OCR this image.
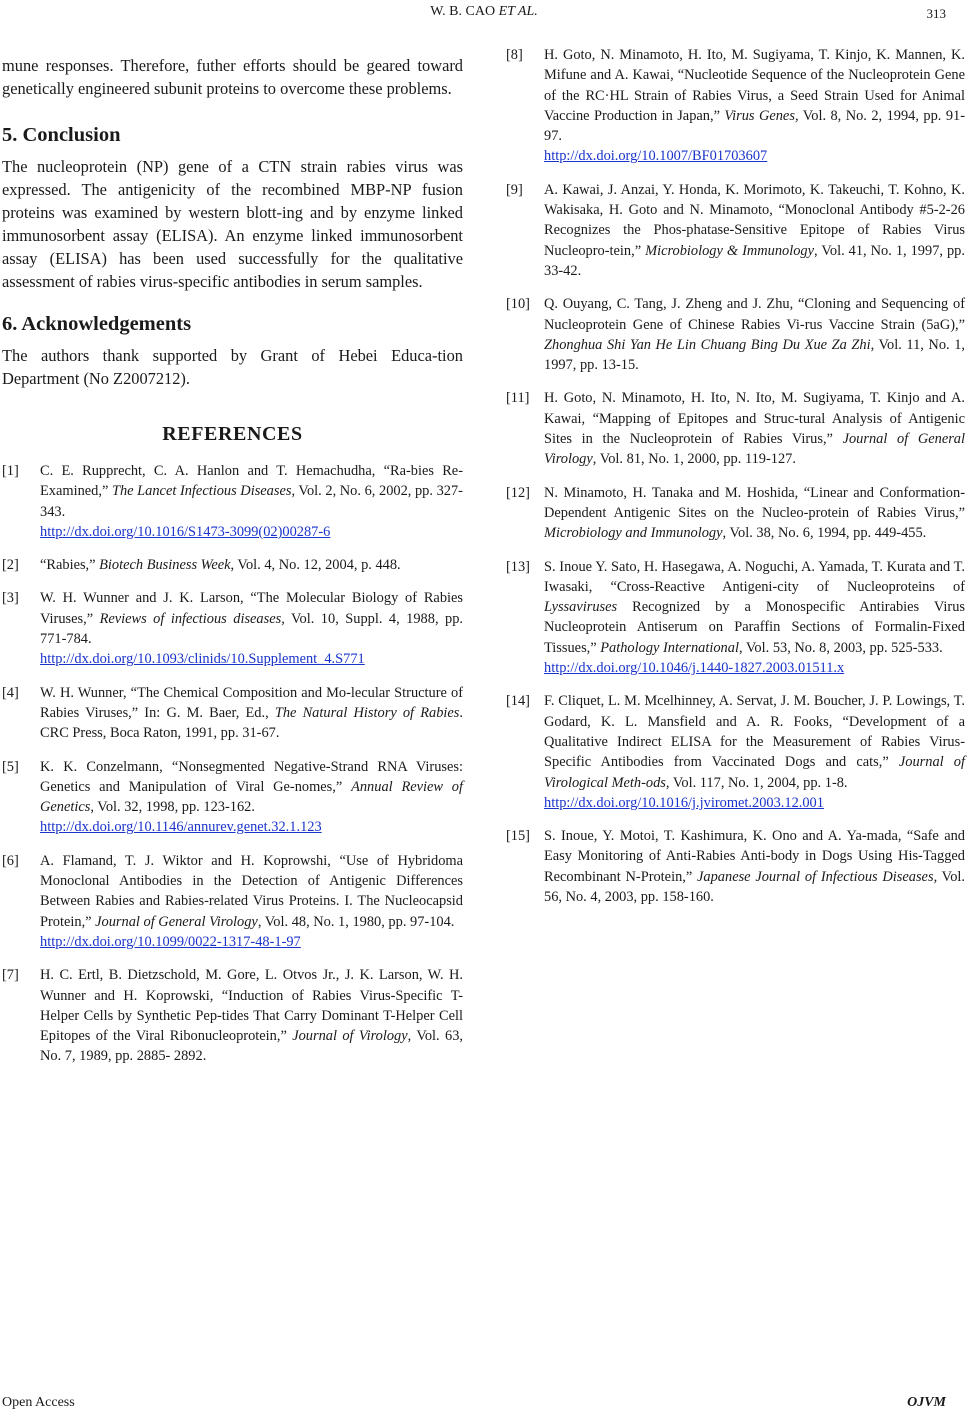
W. B. CAO ET AL.	313

mune responses. Therefore, futher efforts should be geared toward genetically engineered subunit proteins to overcome these problems.

5. Conclusion

The nucleoprotein (NP) gene of a CTN strain rabies virus was expressed. The antigenicity of the recombined MBP-NP fusion proteins was examined by western blott-ing and by enzyme linked immunosorbent assay (ELISA). An enzyme linked immunosorbent assay (ELISA) has been used successfully for the qualitative assessment of rabies virus-specific antibodies in serum samples.

6. Acknowledgements

The authors thank supported by Grant of Hebei Educa-tion Department (No Z2007212).

REFERENCES
[1] C. E. Rupprecht, C. A. Hanlon and T. Hemachudha, “Ra-bies Re-Examined,” The Lancet Infectious Diseases, Vol. 2, No. 6, 2002, pp. 327-343.
http://dx.doi.org/10.1016/S1473-3099(02)00287-6
[2] “Rabies,” Biotech Business Week, Vol. 4, No. 12, 2004, p. 448.
[3] W. H. Wunner and J. K. Larson, “The Molecular Biology of Rabies Viruses,” Reviews of infectious diseases, Vol. 10, Suppl. 4, 1988, pp. 771-784.
http://dx.doi.org/10.1093/clinids/10.Supplement_4.S771
[4] W. H. Wunner, “The Chemical Composition and Mo-lecular Structure of Rabies Viruses,” In: G. M. Baer, Ed., The Natural History of Rabies. CRC Press, Boca Raton, 1991, pp. 31-67.
[5] K. K. Conzelmann, “Nonsegmented Negative-Strand RNA Viruses: Genetics and Manipulation of Viral Ge-nomes,” Annual Review of Genetics, Vol. 32, 1998, pp. 123-162.
http://dx.doi.org/10.1146/annurev.genet.32.1.123
[6] A. Flamand, T. J. Wiktor and H. Koprowshi, “Use of Hybridoma Monoclonal Antibodies in the Detection of Antigenic Differences Between Rabies and Rabies-related Virus Proteins. I. The Nucleocapsid Protein,” Journal of General Virology, Vol. 48, No. 1, 1980, pp. 97-104.
http://dx.doi.org/10.1099/0022-1317-48-1-97
[7] H. C. Ertl, B. Dietzschold, M. Gore, L. Otvos Jr., J. K. Larson, W. H. Wunner and H. Koprowski, “Induction of Rabies Virus-Specific T-Helper Cells by Synthetic Pep-tides That Carry Dominant T-Helper Cell Epitopes of the Viral Ribonucleoprotein,” Journal of Virology, Vol. 63, No. 7, 1989, pp. 2885- 2892.
[8] H. Goto, N. Minamoto, H. Ito, M. Sugiyama, T. Kinjo, K. Mannen, K. Mifune and A. Kawai, “Nucleotide Sequence of the Nucleoprotein Gene of the RC·HL Strain of Rabies Virus, a Seed Strain Used for Animal Vaccine Production in Japan,” Virus Genes, Vol. 8, No. 2, 1994, pp. 91-97.
http://dx.doi.org/10.1007/BF01703607
[9] A. Kawai, J. Anzai, Y. Honda, K. Morimoto, K. Takeuchi, T. Kohno, K. Wakisaka, H. Goto and N. Minamoto, “Monoclonal Antibody #5-2-26 Recognizes the Phos-phatase-Sensitive Epitope of Rabies Virus Nucleopro-tein,” Microbiology & Immunology, Vol. 41, No. 1, 1997, pp. 33-42.
[10] Q. Ouyang, C. Tang, J. Zheng and J. Zhu, “Cloning and Sequencing of Nucleoprotein Gene of Chinese Rabies Vi-rus Vaccine Strain (5aG),” Zhonghua Shi Yan He Lin Chuang Bing Du Xue Za Zhi, Vol. 11, No. 1, 1997, pp. 13-15.
[11] H. Goto, N. Minamoto, H. Ito, N. Ito, M. Sugiyama, T. Kinjo and A. Kawai, “Mapping of Epitopes and Struc-tural Analysis of Antigenic Sites in the Nucleoprotein of Rabies Virus,” Journal of General Virology, Vol. 81, No. 1, 2000, pp. 119-127.
[12] N. Minamoto, H. Tanaka and M. Hoshida, “Linear and Conformation-Dependent Antigenic Sites on the Nucleo-protein of Rabies Virus,” Microbiology and Immunology, Vol. 38, No. 6, 1994, pp. 449-455.
[13] S. Inoue Y. Sato, H. Hasegawa, A. Noguchi, A. Yamada, T. Kurata and T. Iwasaki, “Cross-Reactive Antigeni-city of Nucleoproteins of Lyssaviruses Recognized by a Monospecific Antirabies Virus Nucleoprotein Antiserum on Paraffin Sections of Formalin-Fixed Tissues,” Pathology International, Vol. 53, No. 8, 2003, pp. 525-533.
http://dx.doi.org/10.1046/j.1440-1827.2003.01511.x
[14] F. Cliquet, L. M. Mcelhinney, A. Servat, J. M. Boucher, J. P. Lowings, T. Godard, K. L. Mansfield and A. R. Fooks, “Development of a Qualitative Indirect ELISA for the Measurement of Rabies Virus-Specific Antibodies from Vaccinated Dogs and cats,” Journal of Virological Meth-ods, Vol. 117, No. 1, 2004, pp. 1-8.
http://dx.doi.org/10.1016/j.jviromet.2003.12.001
[15] S. Inoue, Y. Motoi, T. Kashimura, K. Ono and A. Ya-mada, “Safe and Easy Monitoring of Anti-Rabies Anti-body in Dogs Using His-Tagged Recombinant N-Protein,” Japanese Journal of Infectious Diseases, Vol. 56, No. 4, 2003, pp. 158-160.
Open Access	OJVM
